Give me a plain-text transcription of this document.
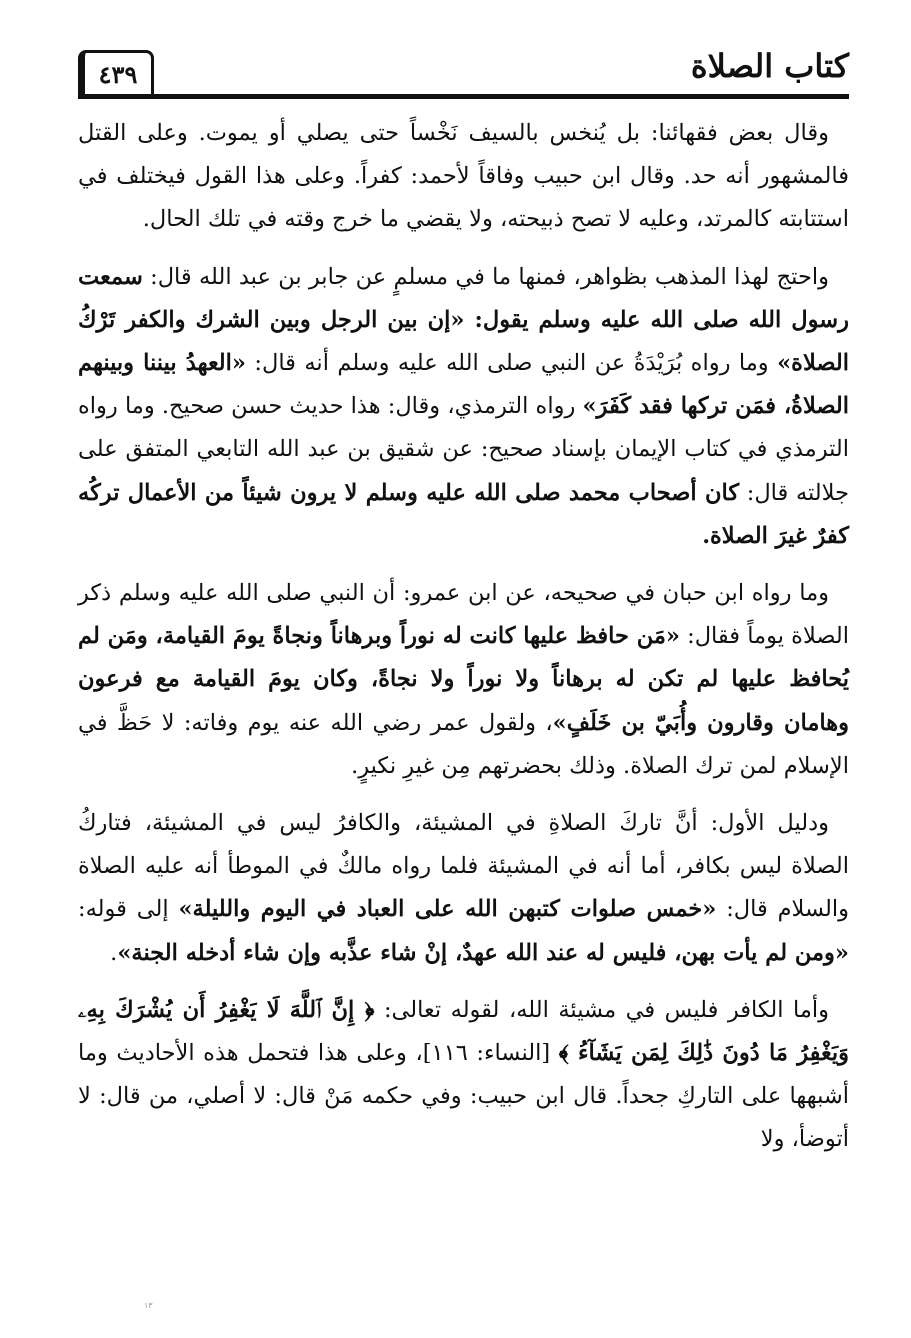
كتاب الصلاة
٤٣٩

وقال بعض فقهائنا: بل يُنخس بالسيف نَخْساً حتى يصلي أو يموت. وعلى القتل فالمشهور أنه حد. وقال ابن حبيب وفاقاً لأحمد: كفراً. وعلى هذا القول فيختلف في استتابته كالمرتد، وعليه لا تصح ذبيحته، ولا يقضي ما خرج وقته في تلك الحال.

واحتج لهذا المذهب بظواهر، فمنها ما في مسلمٍ عن جابر بن عبد الله قال: سمعت رسول الله صلى الله عليه وسلم يقول: «إن بين الرجل وبين الشرك والكفر تَرْكُ الصلاة» وما رواه بُرَيْدَةُ عن النبي صلى الله عليه وسلم أنه قال: «العهدُ بيننا وبينهم الصلاةُ، فمَن تركها فقد كَفَرَ» رواه الترمذي، وقال: هذا حديث حسن صحيح. وما رواه الترمذي في كتاب الإيمان بإسناد صحيح: عن شقيق بن عبد الله التابعي المتفق على جلالته قال: كان أصحاب محمد صلى الله عليه وسلم لا يرون شيئاً من الأعمال تركُه كفرٌ غيرَ الصلاة.

وما رواه ابن حبان في صحيحه، عن ابن عمرو: أن النبي صلى الله عليه وسلم ذكر الصلاة يوماً فقال: «مَن حافظ عليها كانت له نوراً وبرهاناً ونجاةً يومَ القيامة، ومَن لم يُحافظ عليها لم تكن له برهاناً ولا نوراً ولا نجاةً، وكان يومَ القيامة مع فرعون وهامان وقارون وأُبَيّ بن خَلَفٍ»، ولقول عمر رضي الله عنه يوم وفاته: لا حَظَّ في الإسلام لمن ترك الصلاة. وذلك بحضرتهم مِن غيرِ نكيرٍ.

ودليل الأول: أنَّ تاركَ الصلاةِ في المشيئة، والكافرُ ليس في المشيئة، فتاركُ الصلاة ليس بكافر، أما أنه في المشيئة فلما رواه مالكٌ في الموطأ أنه عليه الصلاة والسلام قال: «خمس صلوات كتبهن الله على العباد في اليوم والليلة» إلى قوله: «ومن لم يأت بهن، فليس له عند الله عهدٌ، إنْ شاء عذَّبه وإن شاء أدخله الجنة».

وأما الكافر فليس في مشيئة الله، لقوله تعالى: ﴿ إِنَّ ٱللَّهَ لَا يَغْفِرُ أَن يُشْرَكَ بِهِۦ وَيَغْفِرُ مَا دُونَ ذَٰلِكَ لِمَن يَشَآءُ ﴾ [النساء: ١١٦]، وعلى هذا فتحمل هذه الأحاديث وما أشبهها على التاركِ جحداً. قال ابن حبيب: وفي حكمه مَنْ قال: لا أصلي، من قال: لا أتوضأ، ولا

١٣
